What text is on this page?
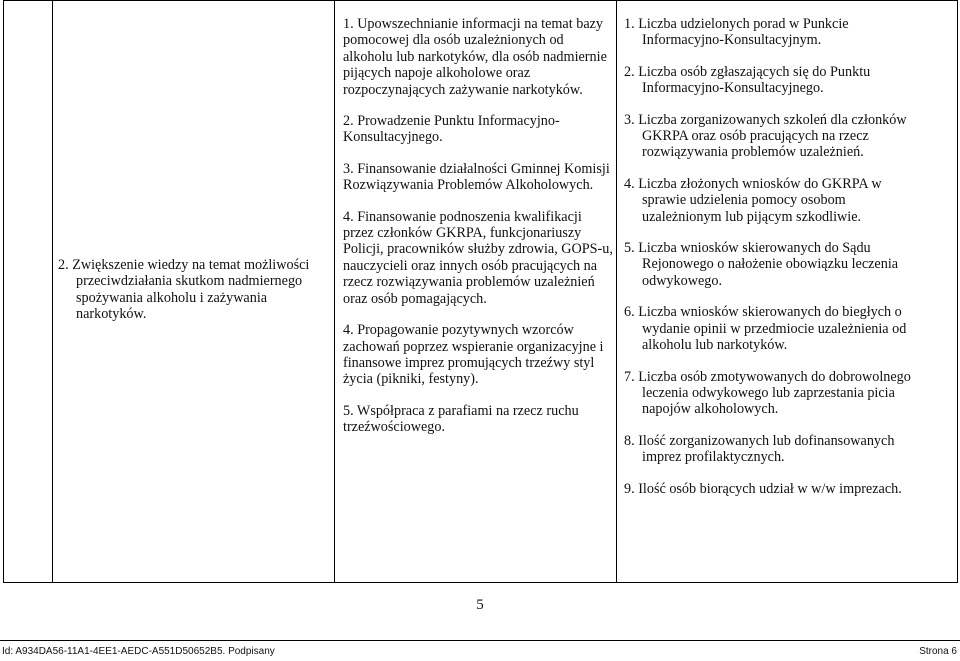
2. Zwiększenie wiedzy na temat możliwości przeciwdziałania skutkom nadmiernego spożywania alkoholu i zażywania narkotyków.
1. Upowszechnianie informacji na temat bazy pomocowej dla osób uzależnionych od alkoholu lub narkotyków, dla osób nadmiernie pijących napoje alkoholowe oraz rozpoczynających zażywanie narkotyków.
2. Prowadzenie Punktu Informacyjno-Konsultacyjnego.
3. Finansowanie działalności Gminnej Komisji Rozwiązywania Problemów Alkoholowych.
4. Finansowanie podnoszenia kwalifikacji przez członków GKRPA, funkcjonariuszy Policji, pracowników służby zdrowia, GOPS-u, nauczycieli oraz innych osób pracujących na rzecz rozwiązywania problemów uzależnień oraz osób pomagających.
4. Propagowanie pozytywnych wzorców zachowań poprzez wspieranie organizacyjne i finansowe imprez promujących trzeźwy styl życia (pikniki, festyny).
5. Współpraca z parafiami na rzecz ruchu trzeźwościowego.
1. Liczba udzielonych porad w Punkcie Informacyjno-Konsultacyjnym.
2. Liczba osób zgłaszających się do Punktu Informacyjno-Konsultacyjnego.
3. Liczba zorganizowanych szkoleń dla członków GKRPA oraz osób pracujących na rzecz rozwiązywania problemów uzależnień.
4. Liczba złożonych wniosków do GKRPA w sprawie udzielenia pomocy osobom uzależnionym lub pijącym szkodliwie.
5. Liczba wniosków skierowanych do Sądu Rejonowego o nałożenie obowiązku leczenia odwykowego.
6. Liczba wniosków skierowanych do biegłych o wydanie opinii w przedmiocie uzależnienia od alkoholu lub narkotyków.
7. Liczba osób zmotywowanych do dobrowolnego leczenia odwykowego lub zaprzestania picia napojów alkoholowych.
8. Ilość zorganizowanych lub dofinansowanych imprez profilaktycznych.
9. Ilość osób biorących udział w w/w imprezach.
5
Id: A934DA56-11A1-4EE1-AEDC-A551D50652B5. Podpisany	Strona 6
